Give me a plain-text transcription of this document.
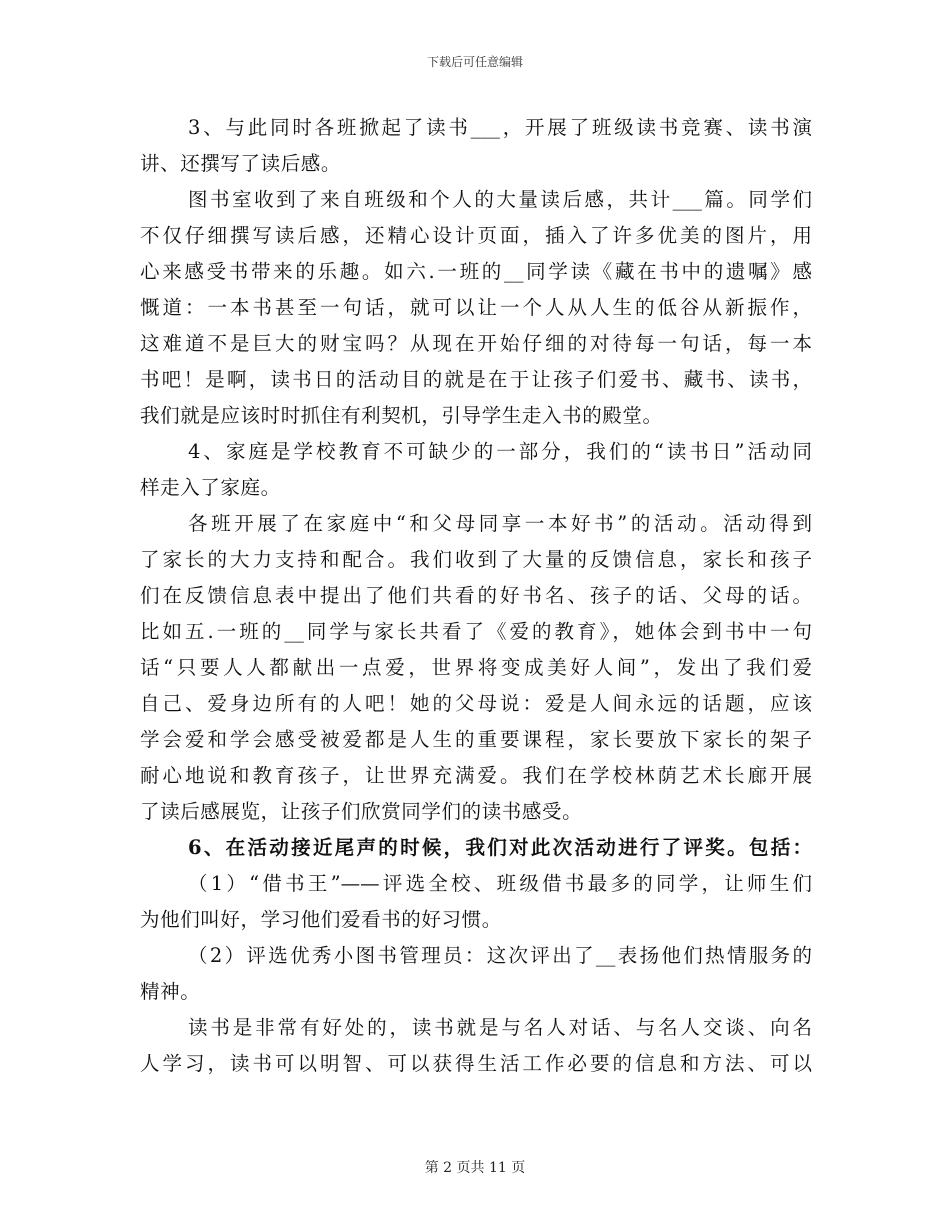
下载后可任意编辑
3、与此同时各班掀起了读书___，开展了班级读书竞赛、读书演
讲、还撰写了读后感。
图书室收到了来自班级和个人的大量读后感，共计___篇。同学们
不仅仔细撰写读后感，还精心设计页面，插入了许多优美的图片，用
心来感受书带来的乐趣。如六.一班的__同学读《藏在书中的遗嘱》感
慨道：一本书甚至一句话，就可以让一个人从人生的低谷从新振作，
这难道不是巨大的财宝吗？从现在开始仔细的对待每一句话，每一本
书吧！是啊，读书日的活动目的就是在于让孩子们爱书、藏书、读书，
我们就是应该时时抓住有利契机，引导学生走入书的殿堂。
4、家庭是学校教育不可缺少的一部分，我们的“读书日”活动同
样走入了家庭。
各班开展了在家庭中“和父母同享一本好书”的活动。活动得到
了家长的大力支持和配合。我们收到了大量的反馈信息，家长和孩子
们在反馈信息表中提出了他们共看的好书名、孩子的话、父母的话。
比如五.一班的__同学与家长共看了《爱的教育》，她体会到书中一句
话“只要人人都献出一点爱，世界将变成美好人间”，发出了我们爱
自己、爱身边所有的人吧！她的父母说：爱是人间永远的话题，应该
学会爱和学会感受被爱都是人生的重要课程，家长要放下家长的架子
耐心地说和教育孩子，让世界充满爱。我们在学校林荫艺术长廊开展
了读后感展览，让孩子们欣赏同学们的读书感受。
6、在活动接近尾声的时候，我们对此次活动进行了评奖。包括：
（1）“借书王”——评选全校、班级借书最多的同学，让师生们
为他们叫好，学习他们爱看书的好习惯。
（2）评选优秀小图书管理员：这次评出了__表扬他们热情服务的
精神。
读书是非常有好处的，读书就是与名人对话、与名人交谈、向名
人学习，读书可以明智、可以获得生活工作必要的信息和方法、可以
第 2 页共 11 页
